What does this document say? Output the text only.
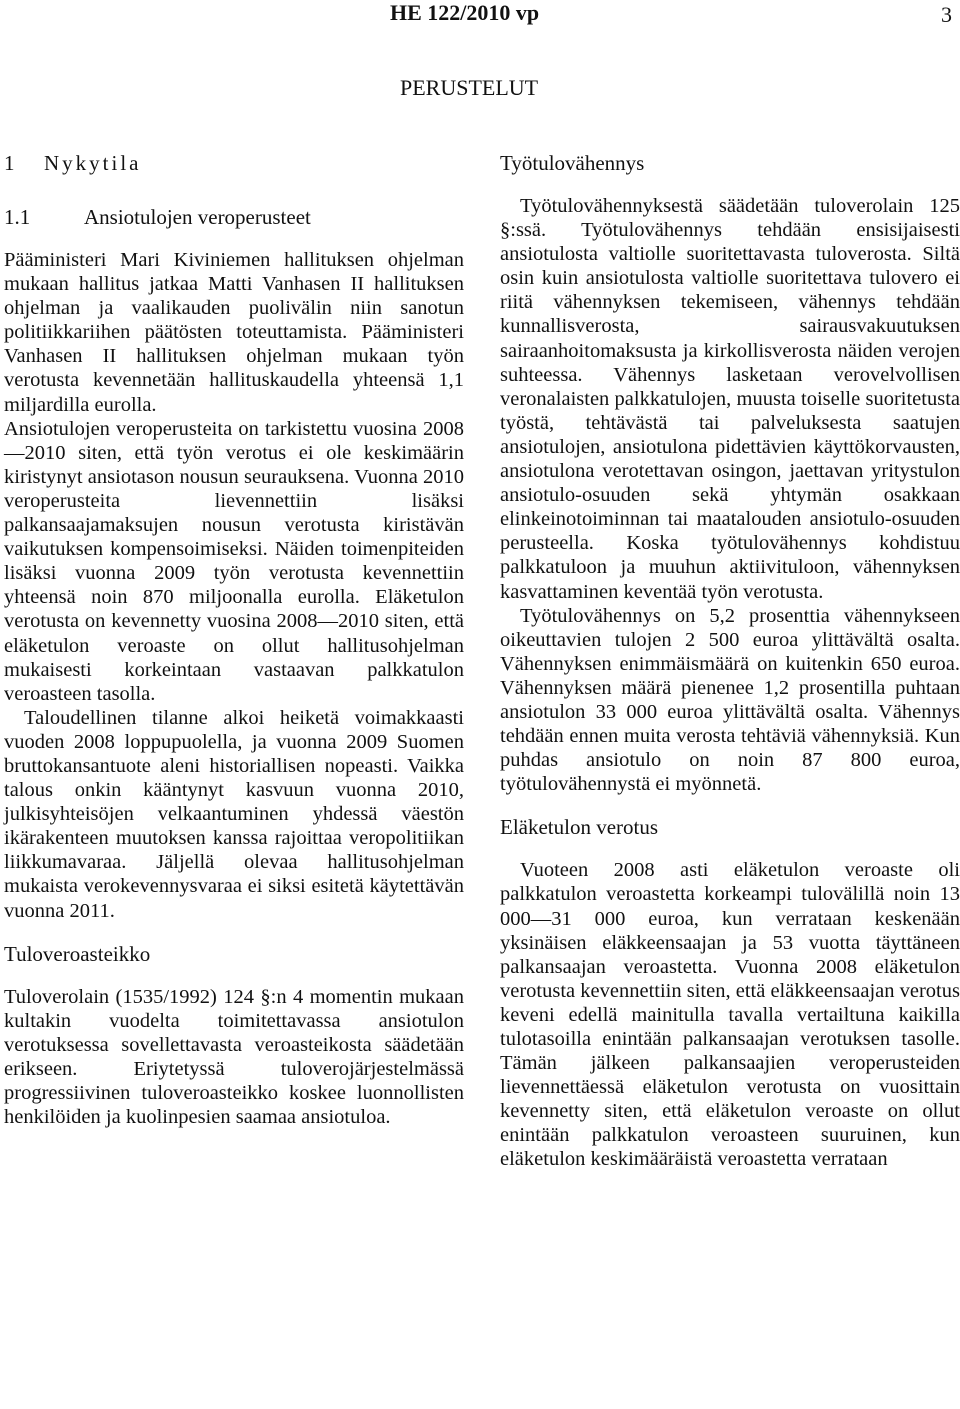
HE 122/2010 vp	3
PERUSTELUT
1 Nykytila
1.1	Ansiotulojen veroperusteet

Pääministeri Mari Kiviniemen hallituksen ohjelman mukaan hallitus jatkaa Matti Vanhasen II hallituksen ohjelman ja vaalikauden puolivälin niin sanotun politiikkariihen päätösten toteuttamista. Pääministeri Vanhasen II hallituksen ohjelman mukaan työn verotusta kevennetään hallituskaudella yhteensä 1,1 miljardilla eurolla.

Ansiotulojen veroperusteita on tarkistettu vuosina 2008—2010 siten, että työn verotus ei ole keskimäärin kiristynyt ansiotason nousun seurauksena. Vuonna 2010 veroperusteita lievennettiin lisäksi palkansaajamaksujen nousun verotusta kiristävän vaikutuksen kompensoimiseksi. Näiden toimenpiteiden lisäksi vuonna 2009 työn verotusta kevennettiin yhteensä noin 870 miljoonalla eurolla. Eläketulon verotusta on kevennetty vuosina 2008—2010 siten, että eläketulon veroaste on ollut hallitusohjelman mukaisesti korkeintaan vastaavan palkkatulon veroasteen tasolla.

Taloudellinen tilanne alkoi heiketä voimakkaasti vuoden 2008 loppupuolella, ja vuonna 2009 Suomen bruttokansantuote aleni historiallisen nopeasti. Vaikka talous onkin kääntynyt kasvuun vuonna 2010, julkisyhteisöjen velkaantuminen yhdessä väestön ikärakenteen muutoksen kanssa rajoittaa veropolitiikan liikkumavaraa. Jäljellä olevaa hallitusohjelman mukaista verokevennysvaraa ei siksi esitetä käytettävän vuonna 2011.

Tuloveroasteikko

Tuloverolain (1535/1992) 124 §:n 4 momentin mukaan kultakin vuodelta toimitettavassa ansiotulon verotuksessa sovellettavasta veroasteikosta säädetään erikseen. Eriytetyssä tuloverojärjestelmässä progressiivinen tuloveroasteikko koskee luonnollisten henkilöiden ja kuolinpesien saamaa ansiotuloa.

Työtulovähennys

Työtulovähennyksestä säädetään tuloverolain 125 §:ssä. Työtulovähennys tehdään ensisijaisesti ansiotulosta valtiolle suoritettavasta tuloverosta. Siltä osin kuin ansiotulosta valtiolle suoritettava tulovero ei riitä vähennyksen tekemiseen, vähennys tehdään kunnallisverosta, sairausvakuutuksen sairaanhoitomaksusta ja kirkollisverosta näiden verojen suhteessa. Vähennys lasketaan verovelvollisen veronalaisten palkkatulojen, muusta toiselle suoritetusta työstä, tehtävästä tai palveluksesta saatujen ansiotulojen, ansiotulona pidettävien käyttökorvausten, ansiotulona verotettavan osingon, jaettavan yritystulon ansiotulo-osuuden sekä yhtymän osakkaan elinkeinotoiminnan tai maatalouden ansiotulo-osuuden perusteella. Koska työtulovähennys kohdistuu palkkatuloon ja muuhun aktiivituloon, vähennyksen kasvattaminen keventää työn verotusta.

Työtulovähennys on 5,2 prosenttia vähennykseen oikeuttavien tulojen 2 500 euroa ylittävältä osalta. Vähennyksen enimmäismäärä on kuitenkin 650 euroa. Vähennyksen määrä pienenee 1,2 prosentilla puhtaan ansiotulon 33 000 euroa ylittävältä osalta. Vähennys tehdään ennen muita verosta tehtäviä vähennyksiä. Kun puhdas ansiotulo on noin 87 800 euroa, työtulovähennystä ei myönnetä.

Eläketulon verotus

Vuoteen 2008 asti eläketulon veroaste oli palkkatulon veroastetta korkeampi tulovälillä noin 13 000—31 000 euroa, kun verrataan keskenään yksinäisen eläkkeensaajan ja 53 vuotta täyttäneen palkansaajan veroastetta. Vuonna 2008 eläketulon verotusta kevennettiin siten, että eläkkeensaajan verotus keveni edellä mainitulla tavalla vertailtuna kaikilla tulotasoilla enintään palkansaajan verotuksen tasolle. Tämän jälkeen palkansaajien veroperusteiden lievennettäessä eläketulon verotusta on vuosittain kevennetty siten, että eläketulon veroaste on ollut enintään palkkatulon veroasteen suuruinen, kun eläketulon keskimääräistä veroastetta verrataan
